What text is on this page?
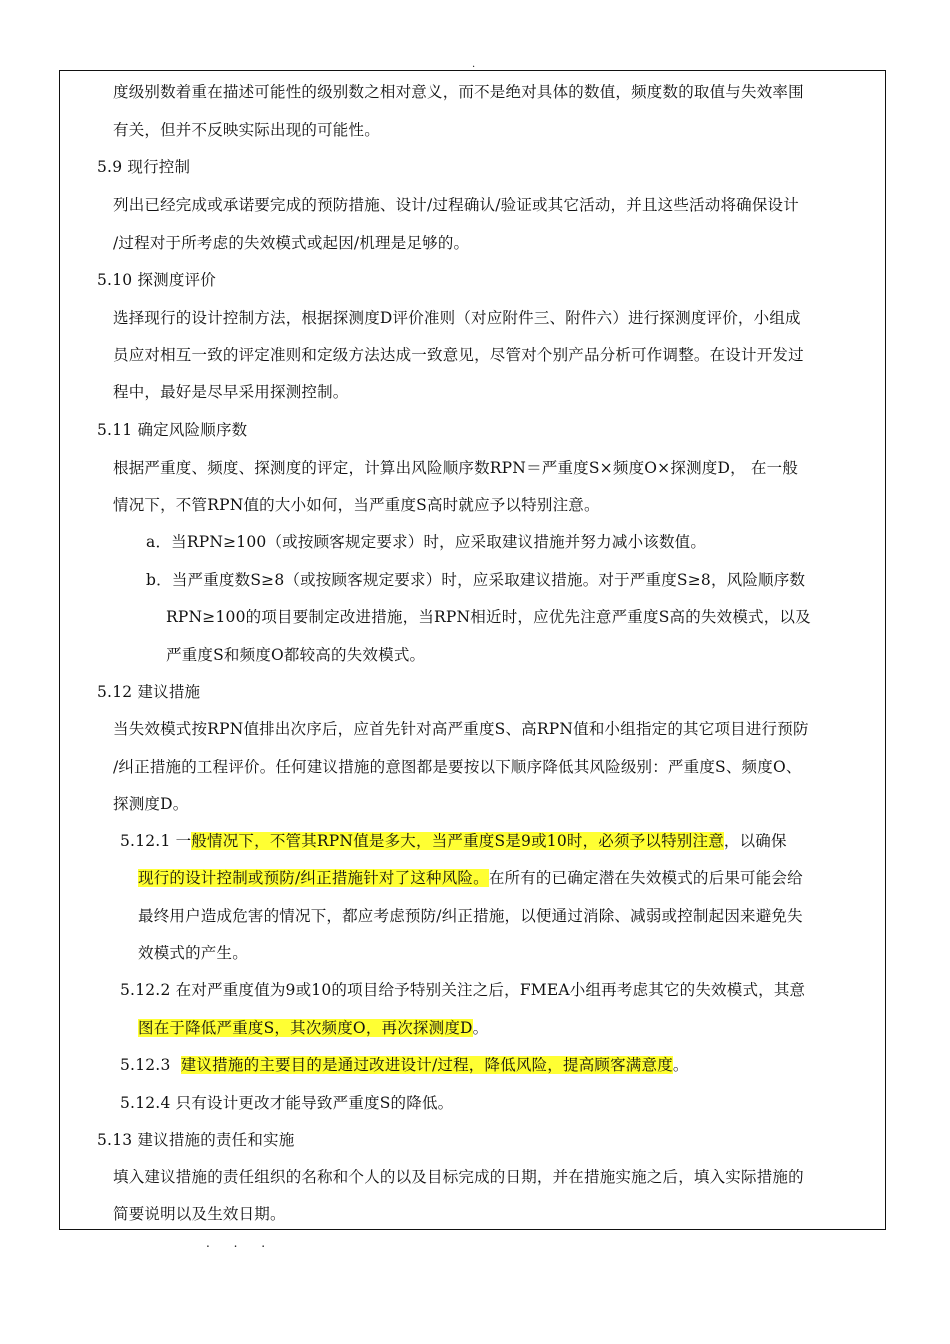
.
度级别数着重在描述可能性的级别数之相对意义，而不是绝对具体的数值，频度数的取值与失效率围
有关，但并不反映实际出现的可能性。
5.9 现行控制
列出已经完成或承诺要完成的预防措施、设计/过程确认/验证或其它活动，并且这些活动将确保设计
/过程对于所考虑的失效模式或起因/机理是足够的。
5.10 探测度评价
选择现行的设计控制方法，根据探测度D评价准则（对应附件三、附件六）进行探测度评价，小组成
员应对相互一致的评定准则和定级方法达成一致意见，尽管对个别产品分析可作调整。在设计开发过
程中，最好是尽早采用探测控制。
5.11 确定风险顺序数
根据严重度、频度、探测度的评定，计算出风险顺序数RPN＝严重度S×频度O×探测度D， 在一般
情况下，不管RPN值的大小如何，当严重度S高时就应予以特别注意。
a．当RPN≥100（或按顾客规定要求）时，应采取建议措施并努力减小该数值。
b．当严重度数S≥8（或按顾客规定要求）时，应采取建议措施。对于严重度S≥8，风险顺序数
RPN≥100的项目要制定改进措施，当RPN相近时，应优先注意严重度S高的失效模式，以及
严重度S和频度O都较高的失效模式。
5.12 建议措施
当失效模式按RPN值排出次序后，应首先针对高严重度S、高RPN值和小组指定的其它项目进行预防
/纠正措施的工程评价。任何建议措施的意图都是要按以下顺序降低其风险级别：严重度S、频度O、
探测度D。
5.12.1 一般情况下，不管其RPN值是多大，当严重度S是9或10时，必须予以特别注意，以确保
现行的设计控制或预防/纠正措施针对了这种风险。在所有的已确定潜在失效模式的后果可能会给
最终用户造成危害的情况下，都应考虑预防/纠正措施，以便通过消除、减弱或控制起因来避免失
效模式的产生。
5.12.2 在对严重度值为9或10的项目给予特别关注之后，FMEA小组再考虑其它的失效模式，其意
图在于降低严重度S，其次频度O，再次探测度D。
5.12.3  建议措施的主要目的是通过改进设计/过程，降低风险，提高顾客满意度。
5.12.4 只有设计更改才能导致严重度S的降低。
5.13 建议措施的责任和实施
填入建议措施的责任组织的名称和个人的以及目标完成的日期，并在措施实施之后，填入实际措施的
简要说明以及生效日期。
. . .
